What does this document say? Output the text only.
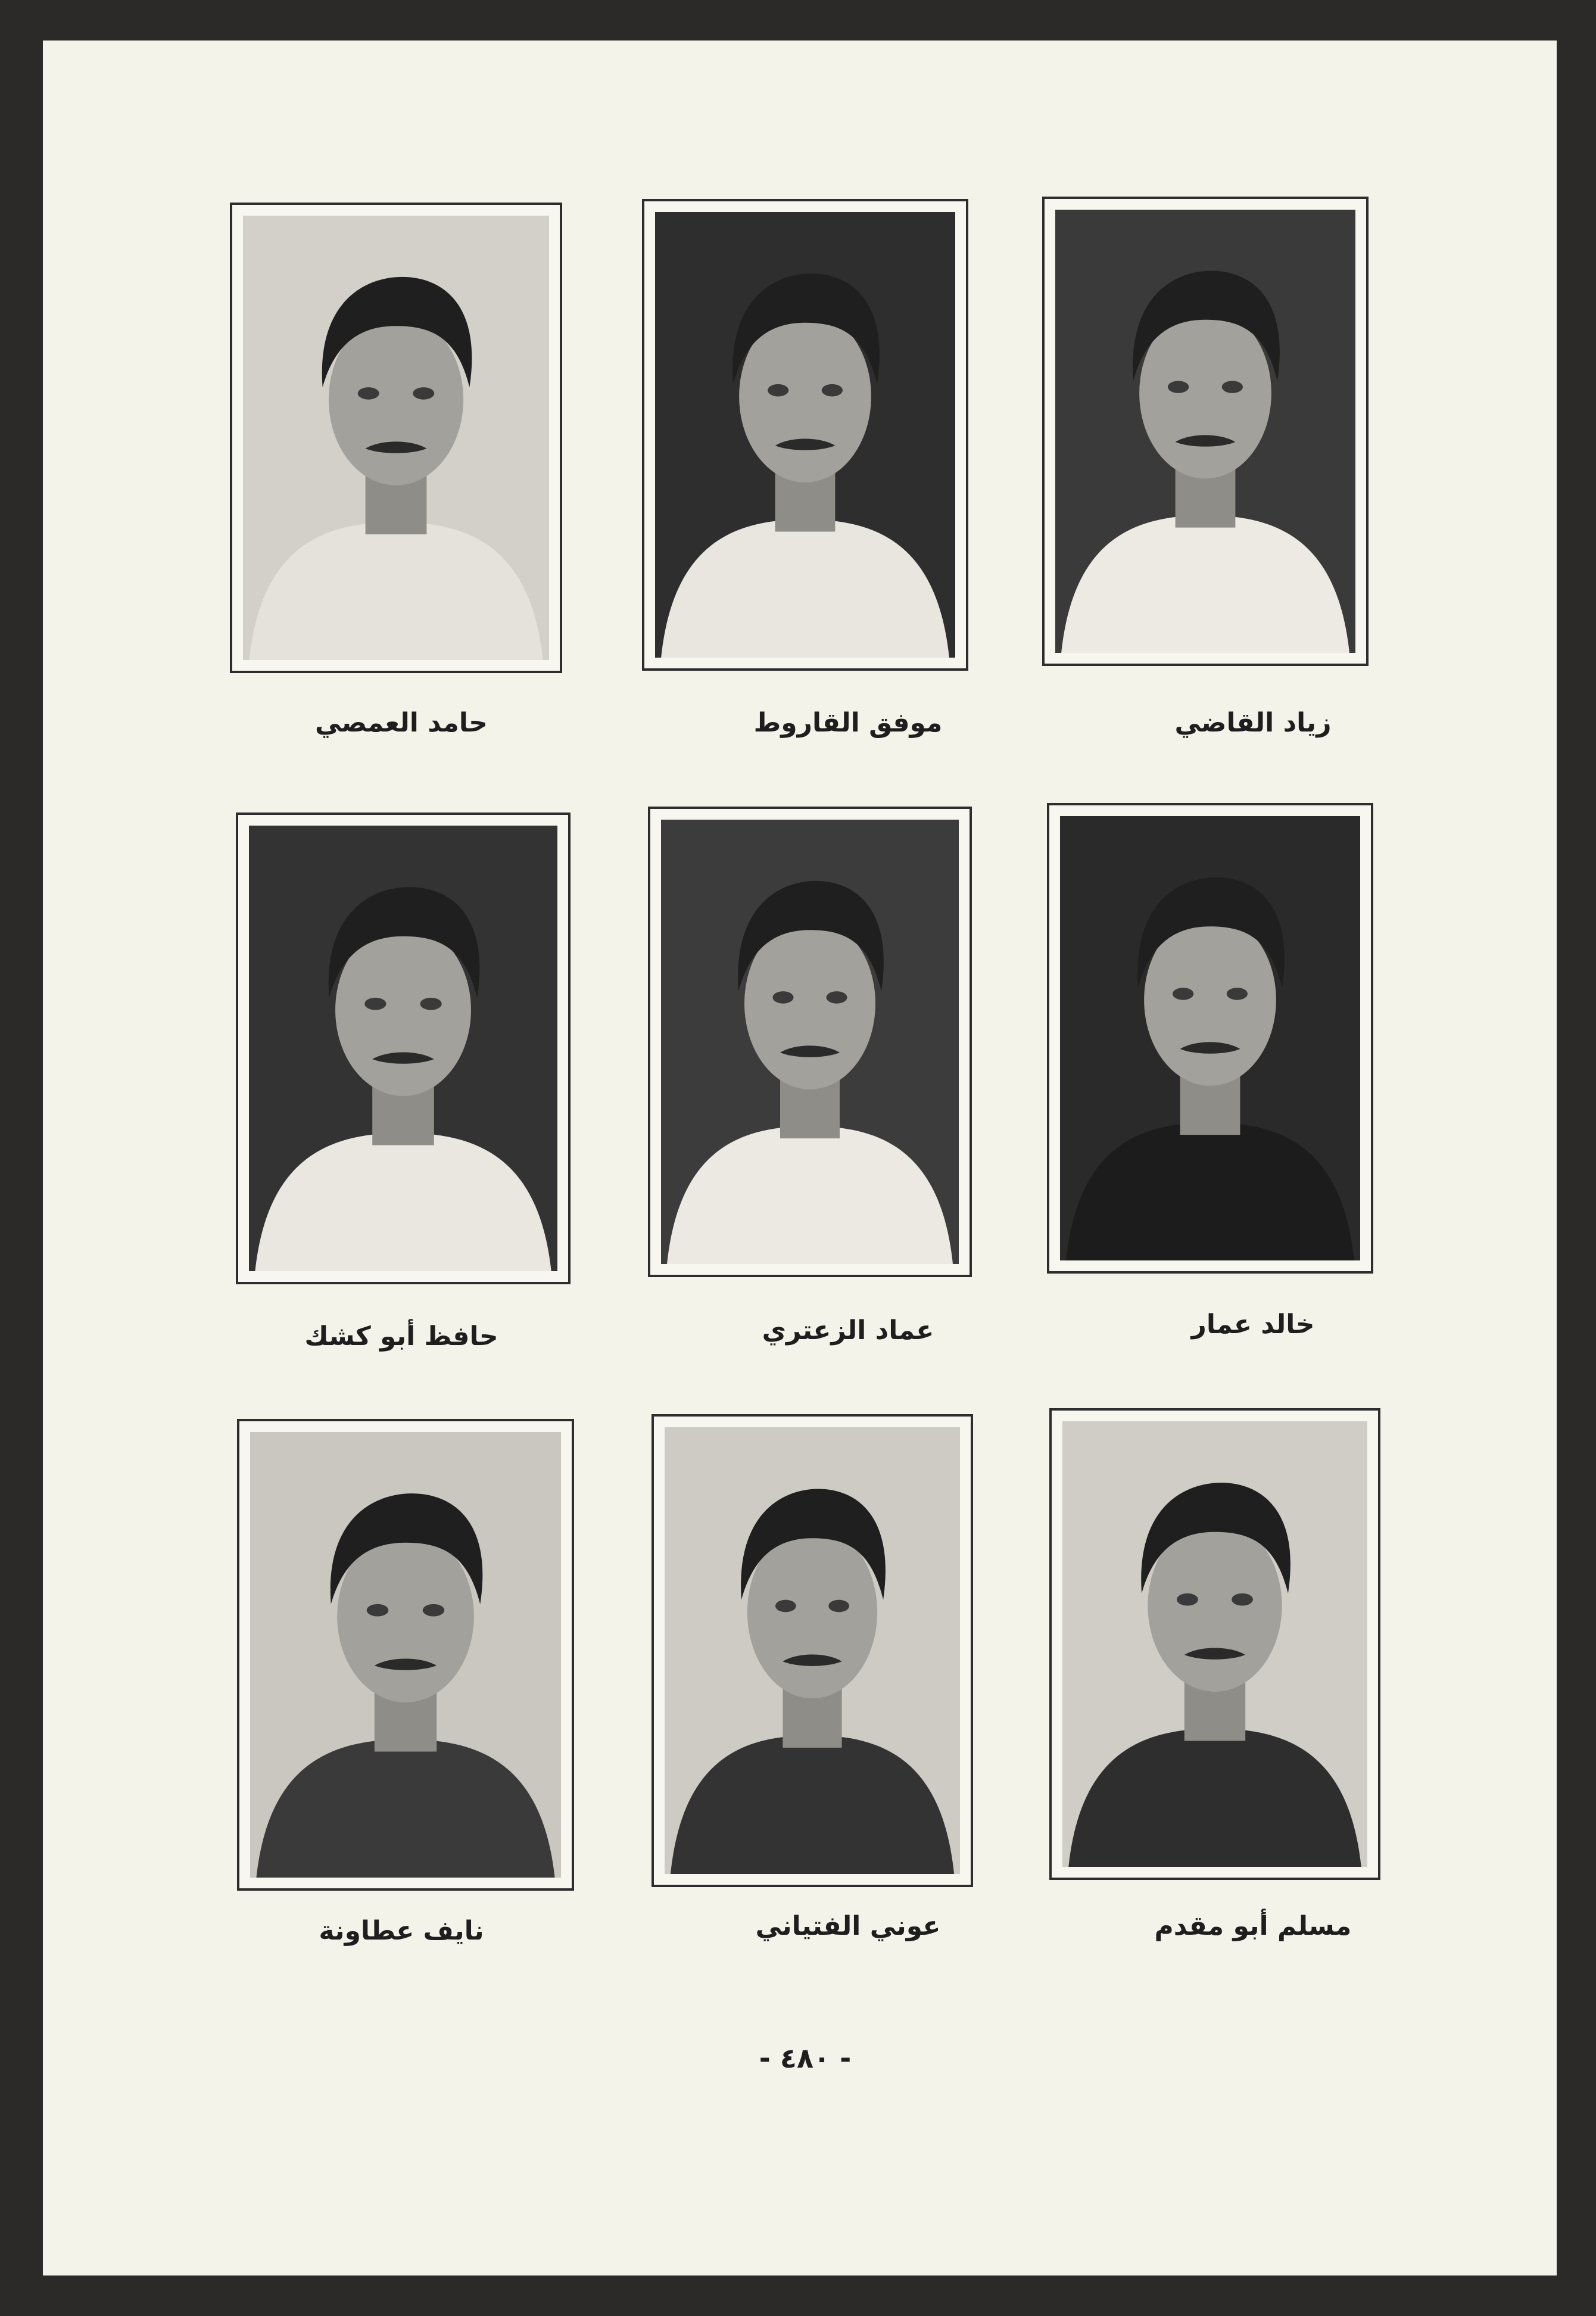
زياد القاضي
موفق القاروط
حامد العمصي
خالد عمار
عماد الزعتري
حافظ أبو كشك
مسلم أبو مقدم
عوني الفتياني
نايف عطاونة
- ٤٨٠ -
